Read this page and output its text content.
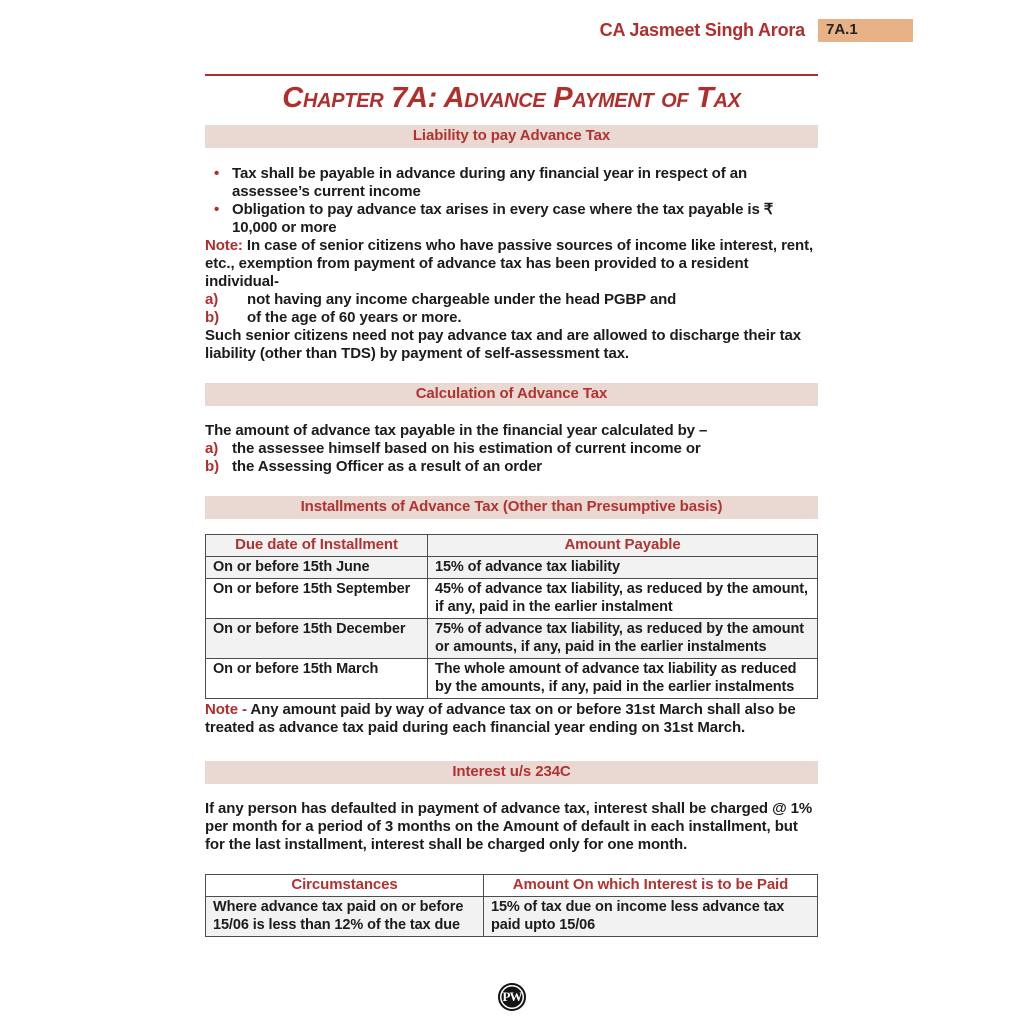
CA Jasmeet Singh Arora	7A.1
Chapter 7A: Advance Payment of Tax
Liability to pay Advance Tax
• Tax shall be payable in advance during any financial year in respect of an assessee’s current income
• Obligation to pay advance tax arises in every case where the tax payable is ₹ 10,000 or more

Note: In case of senior citizens who have passive sources of income like interest, rent, etc., exemption from payment of advance tax has been provided to a resident individual-

a)	not having any income chargeable under the head PGBP and
b)	of the age of 60 years or more.

Such senior citizens need not pay advance tax and are allowed to discharge their tax liability (other than TDS) by payment of self-assessment tax.

Calculation of Advance Tax

The amount of advance tax payable in the financial year calculated by –

a) the assessee himself based on his estimation of current income or
b) the Assessing Officer as a result of an order
Installments of Advance Tax (Other than Presumptive basis)
Due date of Installment	Amount Payable
On or before 15th June	15% of advance tax liability
On or before 15th September	45% of advance tax liability, as reduced by the amount, if any, paid in the earlier instalment
On or before 15th December	75% of advance tax liability, as reduced by the amount or amounts, if any, paid in the earlier instalments
On or before 15th March	The whole amount of advance tax liability as reduced by the amounts, if any, paid in the earlier instalments

Note - Any amount paid by way of advance tax on or before 31st March shall also be treated as advance tax paid during each financial year ending on 31st March.

Interest u/s 234C

If any person has defaulted in payment of advance tax, interest shall be charged @ 1% per month for a period of 3 months on the Amount of default in each installment, but for the last installment, interest shall be charged only for one month.

Circumstances	Amount On which Interest is to be Paid
Where advance tax paid on or before 15/06 is less than 12% of the tax due	15% of tax due on income less advance tax paid upto 15/06
PW
